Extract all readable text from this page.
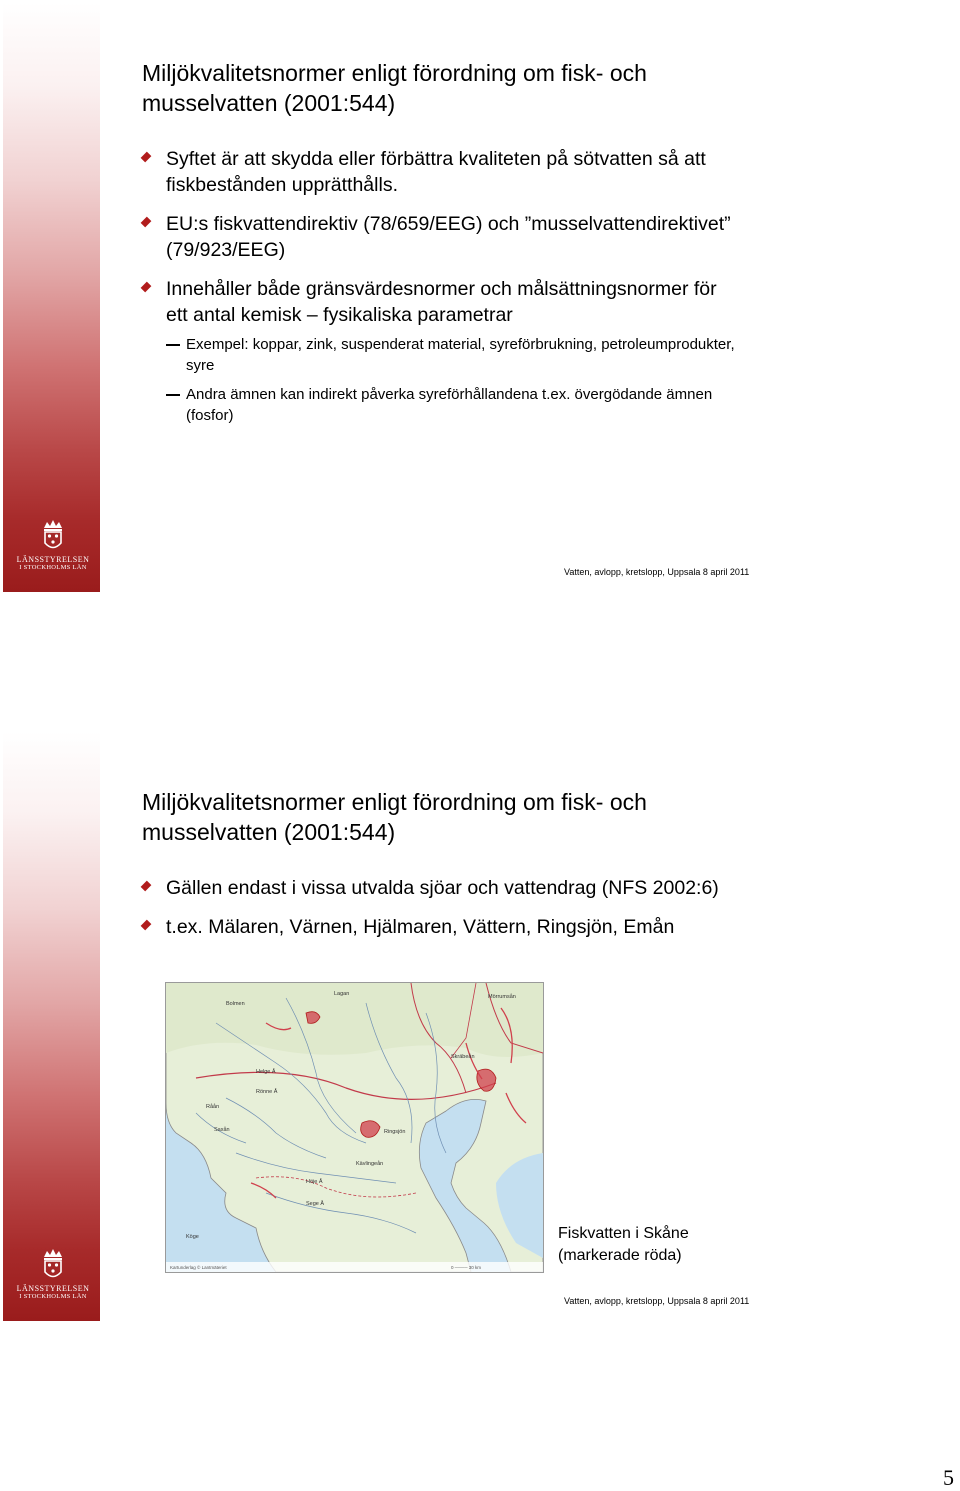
LÄNSSTYRELSEN
I STOCKHOLMS LÄN
Miljökvalitetsnormer enligt förordning om fisk- och musselvatten (2001:544)
Syftet är att skydda eller förbättra kvaliteten på sötvatten så att fiskbestånden upprätthålls.
EU:s fiskvattendirektiv (78/659/EEG) och ”musselvattendirektivet” (79/923/EEG)
Innehåller både gränsvärdesnormer och målsättningsnormer för ett antal kemisk – fysikaliska parametrar
Exempel: koppar, zink, suspenderat material, syreförbrukning, petroleumprodukter, syre
Andra ämnen kan indirekt påverka syreförhållandena t.ex. övergödande ämnen (fosfor)
Vatten, avlopp, kretslopp, Uppsala 8 april 2011
LÄNSSTYRELSEN
I STOCKHOLMS LÄN
Miljökvalitetsnormer enligt förordning om fisk- och musselvatten (2001:544)
Gällen endast i vissa utvalda sjöar och vattendrag (NFS 2002:6)
t.ex. Mälaren, Värnen, Hjälmaren, Vättern, Ringsjön, Emån
Lagan
Helge Å
Rönne Å
Råån
Saxån
Kävlingeån
Höje Å
Sege Å
Köge
Ringsjön
Skräbeån
Mörrumsån
Bolmen
Kartunderlag © Lantmäteriet	0 ──── 30 km
Fiskvatten i Skåne (markerade röda)
Vatten, avlopp, kretslopp, Uppsala 8 april 2011
5
